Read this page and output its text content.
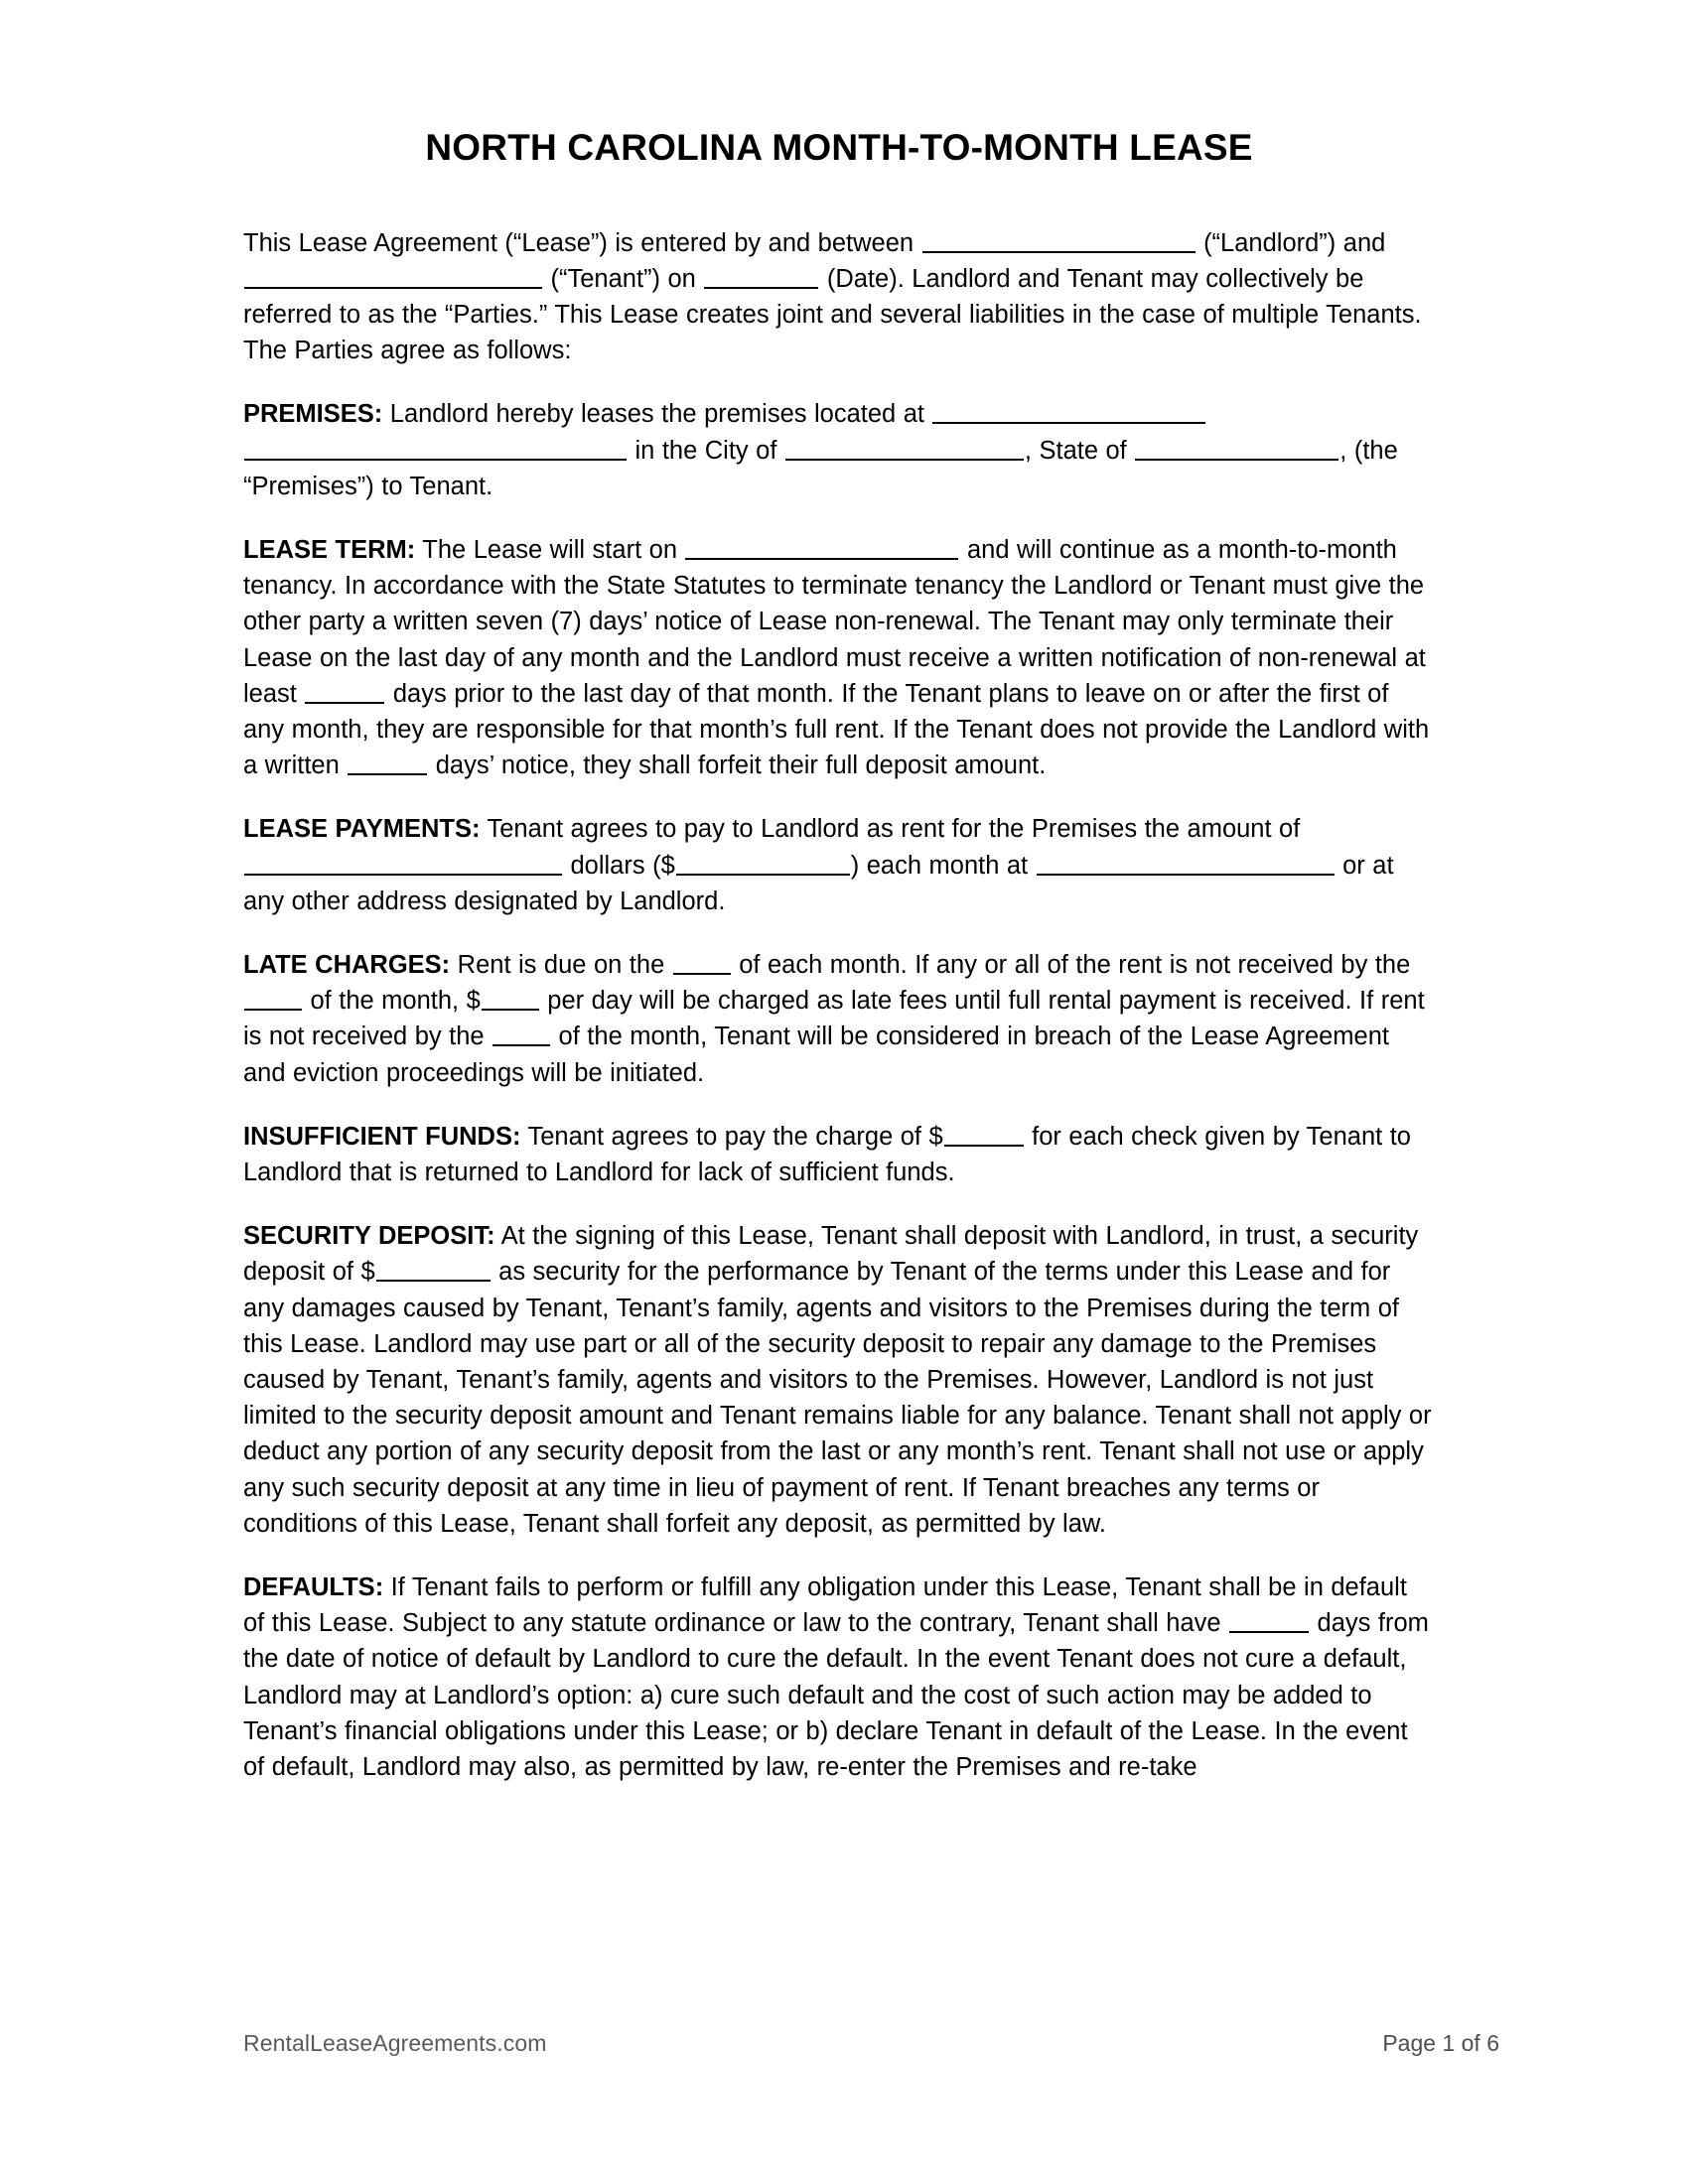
NORTH CAROLINA MONTH-TO-MONTH LEASE

This Lease Agreement (“Lease”) is entered by and between	(“Landlord”) and  (“Tenant”) on	(Date). Landlord and Tenant may collectively be referred to as the “Parties.” This Lease creates joint and several liabilities in the case of multiple Tenants. The Parties agree as follows:

PREMISES: Landlord hereby leases the premises located at  in the City of	, State of	, (the “Premises”) to Tenant.

LEASE TERM: The Lease will start on	and will continue as a month-to-month tenancy. In accordance with the State Statutes to terminate tenancy the Landlord or Tenant must give the other party a written seven (7) days’ notice of Lease non-renewal. The Tenant may only terminate their Lease on the last day of any month and the Landlord must receive a written notification of non-renewal at least	days prior to the last day of that month. If the Tenant plans to leave on or after the first of any month, they are responsible for that month’s full rent. If the Tenant does not provide the Landlord with a written	days’ notice, they shall forfeit their full deposit amount.

LEASE PAYMENTS: Tenant agrees to pay to Landlord as rent for the Premises the amount of  dollars ($	) each month at	or at any other address designated by Landlord.

LATE CHARGES: Rent is due on the  of each month. If any or all of the rent is not received by the  of the month, $ per day will be charged as late fees until full rental payment is received. If rent is not received by the  of the month, Tenant will be considered in breach of the Lease Agreement and eviction proceedings will be initiated.

INSUFFICIENT FUNDS: Tenant agrees to pay the charge of $	for each check given by Tenant to Landlord that is returned to Landlord for lack of sufficient funds.

SECURITY DEPOSIT: At the signing of this Lease, Tenant shall deposit with Landlord, in trust, a security deposit of $	as security for the performance by Tenant of the terms under this Lease and for any damages caused by Tenant, Tenant’s family, agents and visitors to the Premises during the term of this Lease. Landlord may use part or all of the security deposit to repair any damage to the Premises caused by Tenant, Tenant’s family, agents and visitors to the Premises. However, Landlord is not just limited to the security deposit amount and Tenant remains liable for any balance. Tenant shall not apply or deduct any portion of any security deposit from the last or any month’s rent. Tenant shall not use or apply any such security deposit at any time in lieu of payment of rent. If Tenant breaches any terms or conditions of this Lease, Tenant shall forfeit any deposit, as permitted by law.

DEFAULTS: If Tenant fails to perform or fulfill any obligation under this Lease, Tenant shall be in default of this Lease. Subject to any statute ordinance or law to the contrary, Tenant shall have	days from the date of notice of default by Landlord to cure the default. In the event Tenant does not cure a default, Landlord may at Landlord’s option: a) cure such default and the cost of such action may be added to Tenant’s financial obligations under this Lease; or b) declare Tenant in default of the Lease. In the event of default, Landlord may also, as permitted by law, re-enter the Premises and re-take

RentalLeaseAgreements.com	Page 1 of 6
